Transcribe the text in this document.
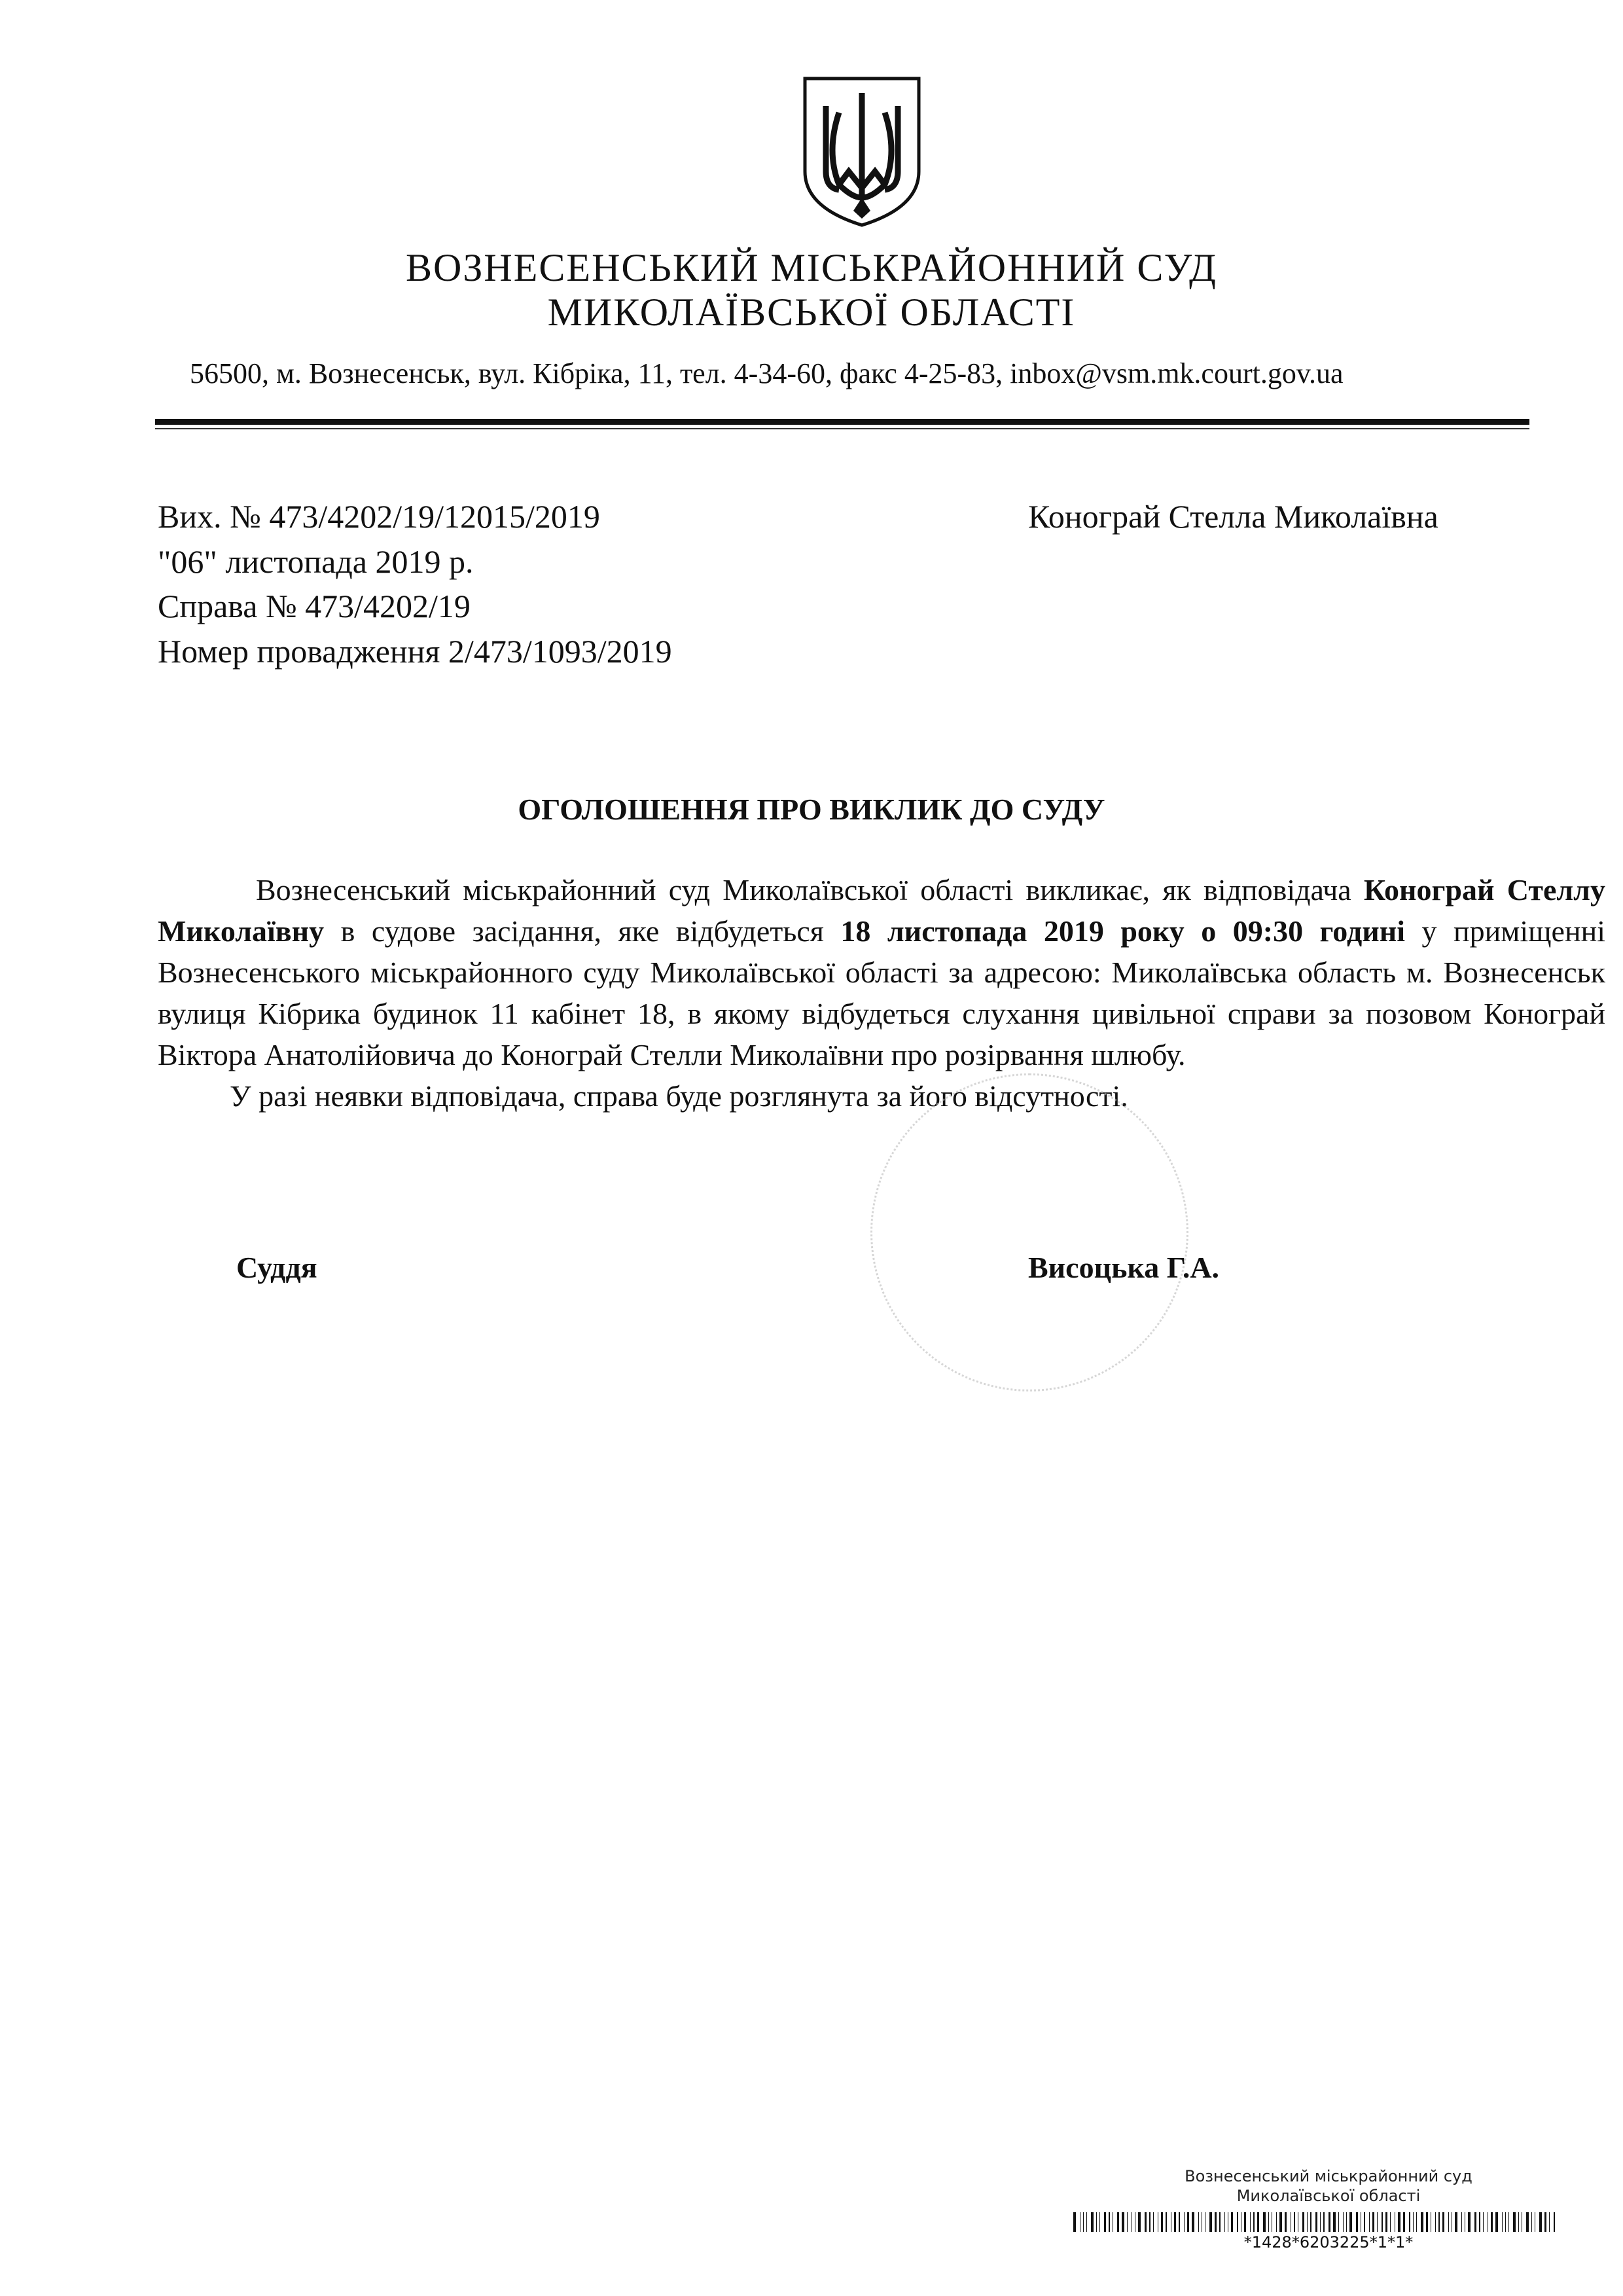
ВОЗНЕСЕНСЬКИЙ МІСЬКРАЙОННИЙ СУД
МИКОЛАЇВСЬКОЇ ОБЛАСТІ
56500, м. Вознесенськ, вул. Кібріка, 11, тел. 4-34-60, факс 4-25-83, inbox@vsm.mk.court.gov.ua
Вих. № 473/4202/19/12015/2019
"06" листопада 2019 р.
Справа № 473/4202/19
Номер провадження 2/473/1093/2019
Конограй Стелла Миколаївна
ОГОЛОШЕННЯ ПРО ВИКЛИК ДО СУДУ

Вознесенський міськрайонний суд Миколаївської області викликає, як відповідача Конограй Стеллу Миколаївну в судове засідання, яке відбудеться 18 листопада 2019 року о 09:30 годині у приміщенні Вознесенського міськрайонного суду Миколаївської області за адресою: Миколаївська область м. Вознесенськ вулиця Кібрика будинок 11 кабінет 18, в якому відбудеться слухання цивільної справи за позовом Конограй Віктора Анатолійовича до Конограй Стелли Миколаївни про розірвання шлюбу.

У разі неявки відповідача, справа буде розглянута за його відсутності.

Суддя	Висоцька Г.А.
Вознесенський міськрайонний суд
Миколаївської області
*1428*6203225*1*1*
